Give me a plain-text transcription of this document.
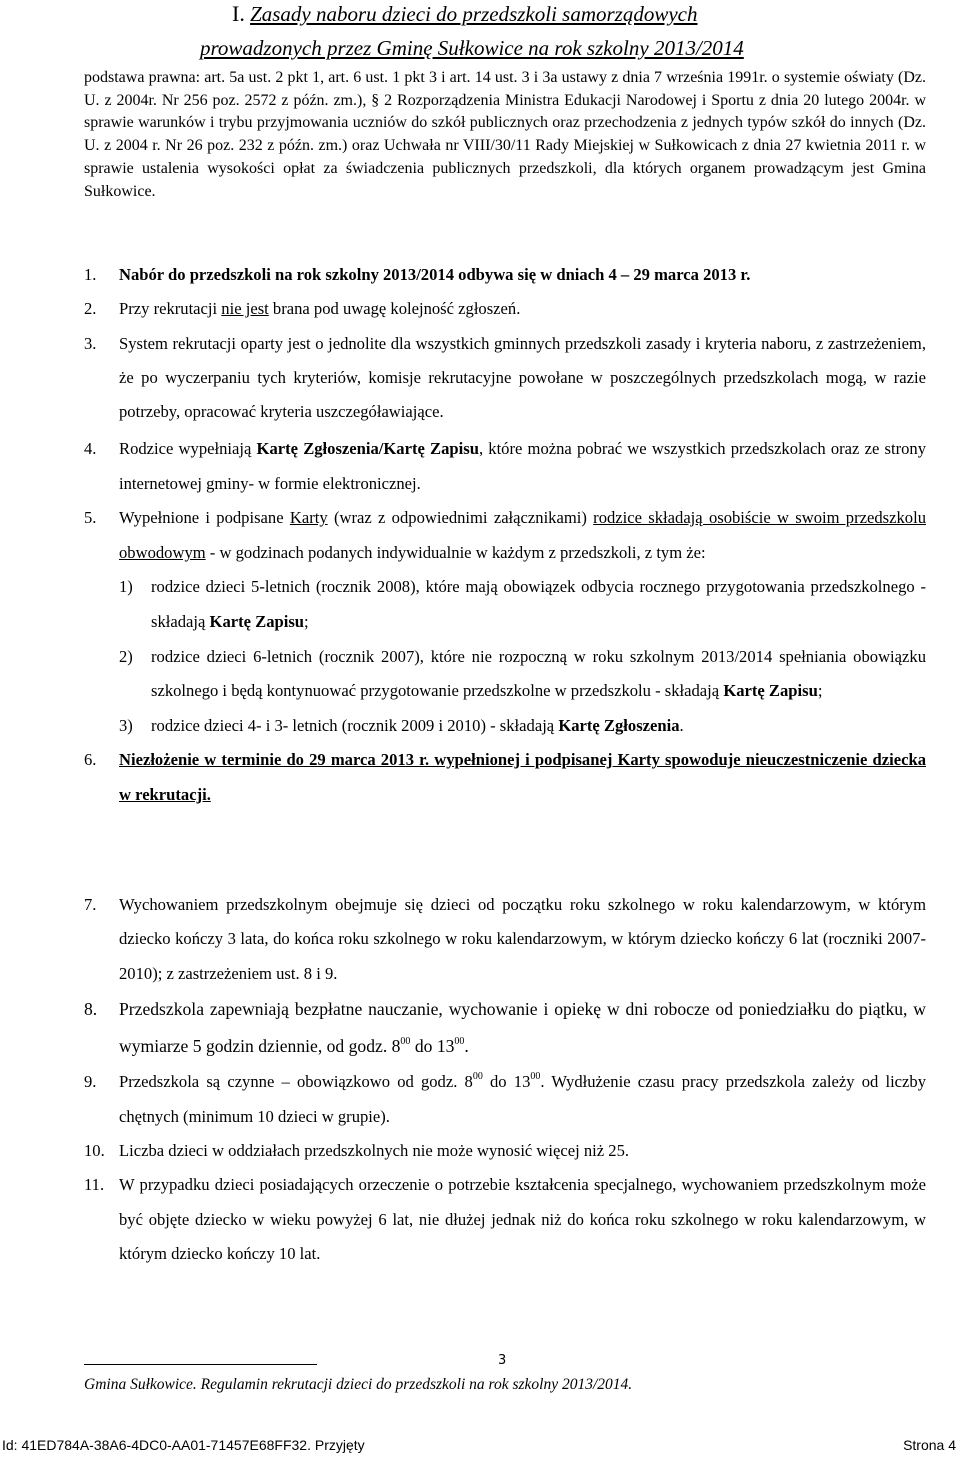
I. Zasady naboru dzieci do przedszkoli samorządowych
prowadzonych przez Gminę Sułkowice na rok szkolny 2013/2014
podstawa prawna: art. 5a ust. 2 pkt 1, art. 6 ust. 1 pkt 3 i art. 14 ust. 3 i 3a ustawy z dnia 7 września 1991r. o systemie oświaty (Dz. U. z 2004r. Nr 256 poz. 2572 z późn. zm.), § 2 Rozporządzenia Ministra Edukacji Narodowej i Sportu z dnia 20 lutego 2004r. w sprawie warunków i trybu przyjmowania uczniów do szkół publicznych oraz przechodzenia z jednych typów szkół do innych (Dz. U. z 2004 r. Nr 26 poz. 232 z późn. zm.) oraz Uchwała nr VIII/30/11 Rady Miejskiej w Sułkowicach z dnia 27 kwietnia 2011 r. w sprawie ustalenia wysokości opłat za świadczenia publicznych przedszkoli, dla których organem prowadzącym jest Gmina Sułkowice.
1. Nabór do przedszkoli na rok szkolny 2013/2014 odbywa się w dniach 4 – 29 marca 2013 r.
2. Przy rekrutacji nie jest brana pod uwagę kolejność zgłoszeń.
3. System rekrutacji oparty jest o jednolite dla wszystkich gminnych przedszkoli zasady i kryteria naboru, z zastrzeżeniem, że po wyczerpaniu tych kryteriów, komisje rekrutacyjne powołane w poszczególnych przedszkolach mogą, w razie potrzeby, opracować kryteria uszczegóławiające.
4. Rodzice wypełniają Kartę Zgłoszenia/Kartę Zapisu, które można pobrać we wszystkich przedszkolach oraz ze strony internetowej gminy- w formie elektronicznej.
5. Wypełnione i podpisane Karty (wraz z odpowiednimi załącznikami) rodzice składają osobiście w swoim przedszkolu obwodowym - w godzinach podanych indywidualnie w każdym z przedszkoli, z tym że:
1) rodzice dzieci 5-letnich (rocznik 2008), które mają obowiązek odbycia rocznego przygotowania przedszkolnego - składają Kartę Zapisu;
2) rodzice dzieci 6-letnich (rocznik 2007), które nie rozpoczną w roku szkolnym 2013/2014 spełniania obowiązku szkolnego i będą kontynuować przygotowanie przedszkolne w przedszkolu - składają Kartę Zapisu;
3) rodzice dzieci 4- i 3- letnich (rocznik 2009 i 2010) - składają Kartę Zgłoszenia.
6. Niezłożenie w terminie do 29 marca 2013 r. wypełnionej i podpisanej Karty spowoduje nieuczestniczenie dziecka w rekrutacji.
7. Wychowaniem przedszkolnym obejmuje się dzieci od początku roku szkolnego w roku kalendarzowym, w którym dziecko kończy 3 lata, do końca roku szkolnego w roku kalendarzowym, w którym dziecko kończy 6 lat (roczniki 2007-2010); z zastrzeżeniem ust. 8 i 9.
8. Przedszkola zapewniają bezpłatne nauczanie, wychowanie i opiekę w dni robocze od poniedziałku do piątku, w wymiarze 5 godzin dziennie, od godz. $8^{00}$ do $13^{00}$.
9. Przedszkola są czynne – obowiązkowo od godz. $8^{00}$ do $13^{00}$. Wydłużenie czasu pracy przedszkola zależy od liczby chętnych (minimum 10 dzieci w grupie).
10. Liczba dzieci w oddziałach przedszkolnych nie może wynosić więcej niż 25.
11. W przypadku dzieci posiadających orzeczenie o potrzebie kształcenia specjalnego, wychowaniem przedszkolnym może być objęte dziecko w wieku powyżej 6 lat, nie dłużej jednak niż do końca roku szkolnego w roku kalendarzowym, w którym dziecko kończy 10 lat.
3
Gmina Sułkowice. Regulamin rekrutacji dzieci do przedszkoli na rok szkolny 2013/2014.
Id: 41ED784A-38A6-4DC0-AA01-71457E68FF32. Przyjęty	Strona 4
